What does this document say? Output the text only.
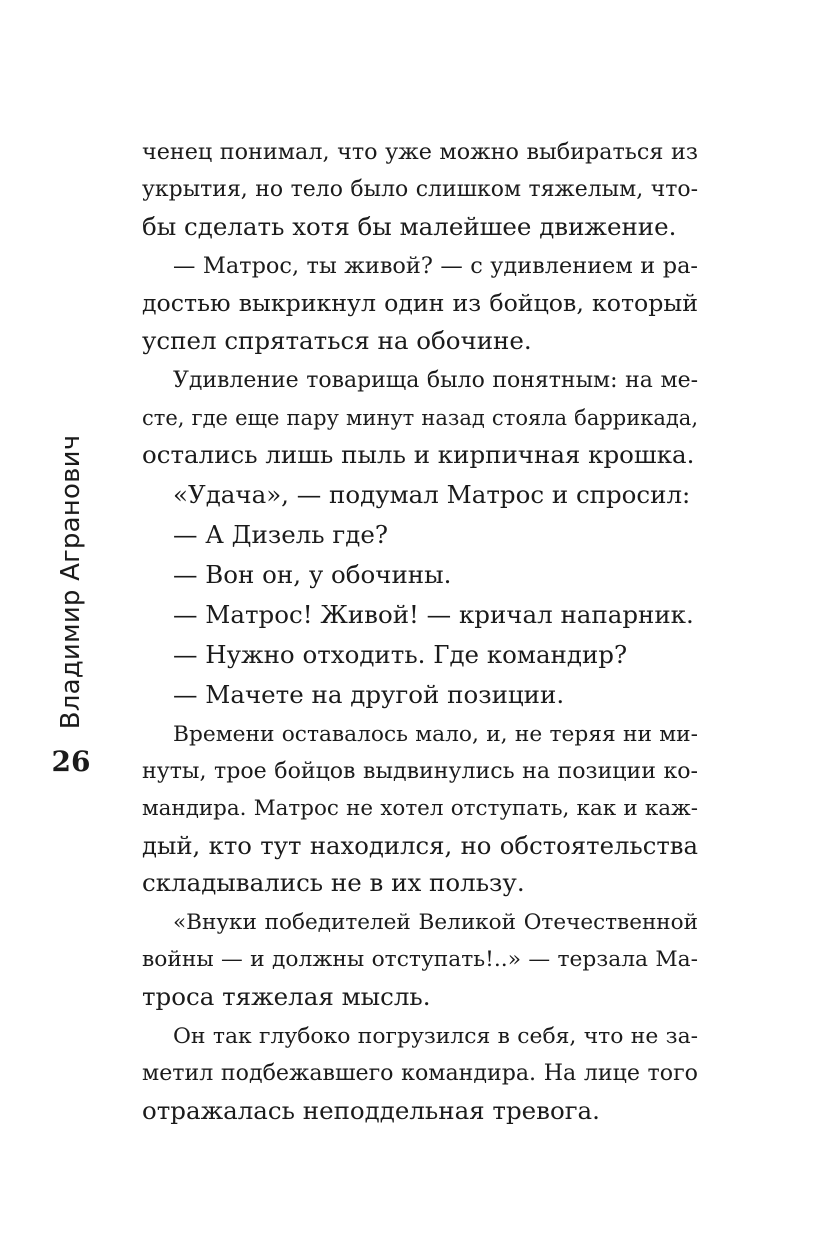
Владимир Агранович
26
ченец понимал, что уже можно выбираться из
укрытия, но тело было слишком тяжелым, что-
бы сделать хотя бы малейшее движение.
— Матрос, ты живой? — с удивлением и ра-
достью выкрикнул один из бойцов, который
успел спрятаться на обочине.
Удивление товарища было понятным: на ме-
сте, где еще пару минут назад стояла баррикада,
остались лишь пыль и кирпичная крошка.
«Удача», — подумал Матрос и спросил:
— А Дизель где?
— Вон он, у обочины.
— Матрос! Живой! — кричал напарник.
— Нужно отходить. Где командир?
— Мачете на другой позиции.
Времени оставалось мало, и, не теряя ни ми-
нуты, трое бойцов выдвинулись на позиции ко-
мандира. Матрос не хотел отступать, как и каж-
дый, кто тут находился, но обстоятельства
складывались не в их пользу.
«Внуки победителей Великой Отечественной
войны — и должны отступать!..» — терзала Ма-
троса тяжелая мысль.
Он так глубоко погрузился в себя, что не за-
метил подбежавшего командира. На лице того
отражалась неподдельная тревога.
